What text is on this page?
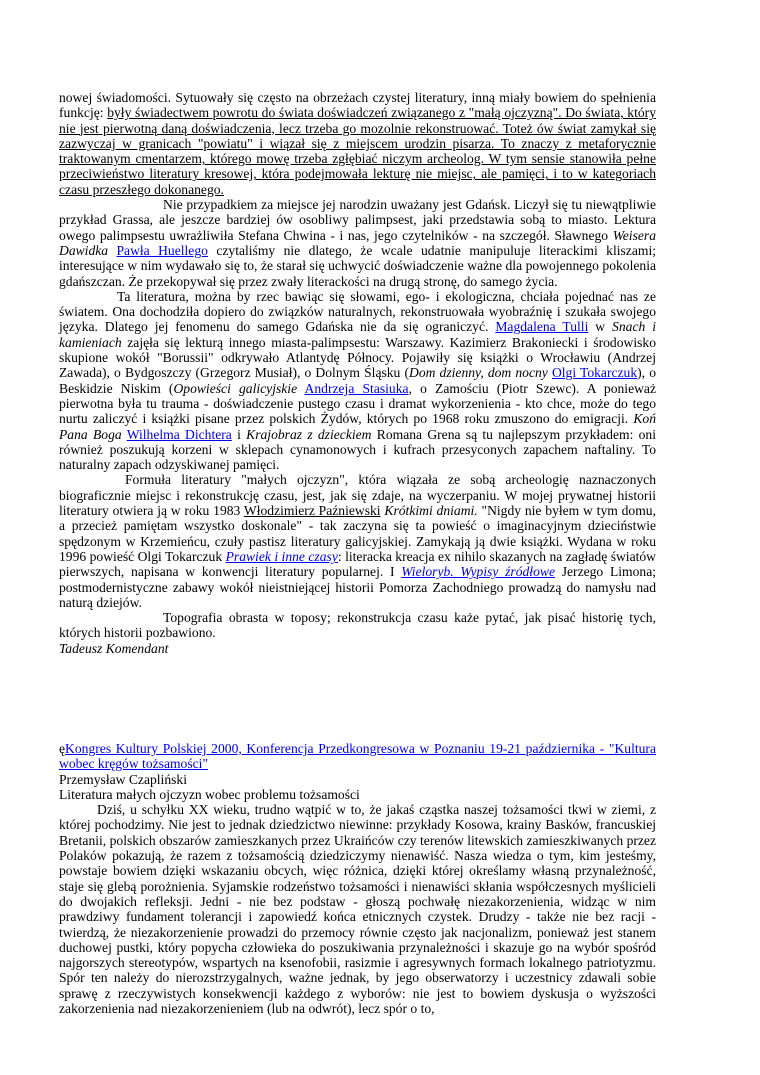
nowej świadomości. Sytuowały się często na obrzeżach czystej literatury, inną miały bowiem do spełnienia funkcję: były świadectwem powrotu do świata doświadczeń związanego z "małą ojczyzną". Do świata, który nie jest pierwotną daną doświadczenia, lecz trzeba go mozolnie rekonstruować. Toteż ów świat zamykał się zazwyczaj w granicach "powiatu" i wiązał się z miejscem urodzin pisarza. To znaczy z metaforycznie traktowanym cmentarzem, którego mowę trzeba zgłębiać niczym archeolog. W tym sensie stanowiła pełne przeciwieństwo literatury kresowej, która podejmowała lekturę nie miejsc, ale pamięci, i to w kategoriach czasu przeszłego dokonanego.

Nie przypadkiem za miejsce jej narodzin uważany jest Gdańsk. Liczył się tu niewątpliwie przykład Grassa, ale jeszcze bardziej ów osobliwy palimpsest, jaki przedstawia sobą to miasto. Lektura owego palimpsestu uwrażliwiła Stefana Chwina - i nas, jego czytelników - na szczegół. Sławnego Weisera Dawidka Pawła Huellego czytaliśmy nie dlatego, że wcale udatnie manipuluje literackimi kliszami; interesujące w nim wydawało się to, że starał się uchwycić doświadczenie ważne dla powojennego pokolenia gdańszczan. Że przekopywał się przez zwały literackości na drugą stronę, do samego życia.

Ta literatura, można by rzec bawiąc się słowami, ego- i ekologiczna, chciała pojednać nas ze światem. Ona dochodziła dopiero do związków naturalnych, rekonstruowała wyobraźnię i szukała swojego języka. Dlatego jej fenomenu do samego Gdańska nie da się ograniczyć. Magdalena Tulli w Snach i kamieniach zajęła się lekturą innego miasta-palimpsestu: Warszawy. Kazimierz Brakoniecki i środowisko skupione wokół "Borussii" odkrywało Atlantydę Północy. Pojawiły się książki o Wrocławiu (Andrzej Zawada), o Bydgoszczy (Grzegorz Musiał), o Dolnym Śląsku (Dom dzienny, dom nocny Olgi Tokarczuk), o Beskidzie Niskim (Opowieści galicyjskie Andrzeja Stasiuka, o Zamościu (Piotr Szewc). A ponieważ pierwotna była tu trauma - doświadczenie pustego czasu i dramat wykorzenienia - kto chce, może do tego nurtu zaliczyć i książki pisane przez polskich Żydów, których po 1968 roku zmuszono do emigracji. Koń Pana Boga Wilhelma Dichtera i Krajobraz z dzieckiem Romana Grena są tu najlepszym przykładem: oni również poszukują korzeni w sklepach cynamonowych i kufrach przesyconych zapachem naftaliny. To naturalny zapach odzyskiwanej pamięci.

Formuła literatury "małych ojczyzn", która wiązała ze sobą archeologię naznaczonych biograficznie miejsc i rekonstrukcję czasu, jest, jak się zdaje, na wyczerpaniu. W mojej prywatnej historii literatury otwiera ją w roku 1983 Włodzimierz Paźniewski Krótkimi dniami. "Nigdy nie byłem w tym domu, a przecież pamiętam wszystko doskonale" - tak zaczyna się ta powieść o imaginacyjnym dzieciństwie spędzonym w Krzemieńcu, czuły pastisz literatury galicyjskiej. Zamykają ją dwie książki. Wydana w roku 1996 powieść Olgi Tokarczuk Prawiek i inne czasy: literacka kreacja ex nihilo skazanych na zagładę światów pierwszych, napisana w konwencji literatury popularnej. I Wieloryb. Wypisy źródłowe Jerzego Limona; postmodernistyczne zabawy wokół nieistniejącej historii Pomorza Zachodniego prowadzą do namysłu nad naturą dziejów.

Topografia obrasta w toposy; rekonstrukcja czasu każe pytać, jak pisać historię tych, których historii pozbawiono.

Tadeusz Komendant

ęKongres Kultury Polskiej 2000, Konferencja Przedkongresowa w Poznaniu 19-21 października - "Kultura wobec kręgów tożsamości"

Przemysław Czapliński

Literatura małych ojczyzn wobec problemu tożsamości

Dziś, u schyłku XX wieku, trudno wątpić w to, że jakaś cząstka naszej tożsamości tkwi w ziemi, z której pochodzimy. Nie jest to jednak dziedzictwo niewinne: przykłady Kosowa, krainy Basków, francuskiej Bretanii, polskich obszarów zamieszkanych przez Ukraińców czy terenów litewskich zamieszkiwanych przez Polaków pokazują, że razem z tożsamością dziedziczymy nienawiść. Nasza wiedza o tym, kim jesteśmy, powstaje bowiem dzięki wskazaniu obcych, więc różnica, dzięki której określamy własną przynależność, staje się glebą porożnienia. Syjamskie rodzeństwo tożsamości i nienawiści skłania współczesnych myślicieli do dwojakich refleksji. Jedni - nie bez podstaw - głoszą pochwałę niezakorzenienia, widząc w nim prawdziwy fundament tolerancji i zapowiedź końca etnicznych czystek. Drudzy - także nie bez racji - twierdzą, że niezakorzenienie prowadzi do przemocy równie często jak nacjonalizm, ponieważ jest stanem duchowej pustki, który popycha człowieka do poszukiwania przynależności i skazuje go na wybór spośród najgorszych stereotypów, wspartych na ksenofobii, rasizmie i agresywnych formach lokalnego patriotyzmu. Spór ten należy do nierozstrzygalnych, ważne jednak, by jego obserwatorzy i uczestnicy zdawali sobie sprawę z rzeczywistych konsekwencji każdego z wyborów: nie jest to bowiem dyskusja o wyższości zakorzenienia nad niezakorzenieniem (lub na odwrót), lecz spór o to,
